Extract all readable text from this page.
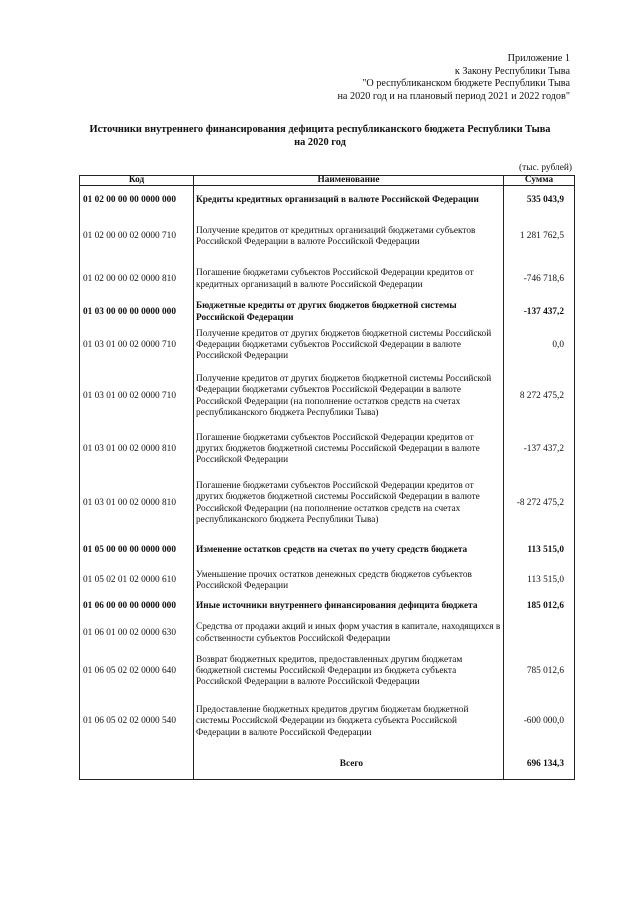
Приложение 1
к Закону Республики Тыва
"О республиканском бюджете Республики Тыва
на 2020 год и на плановый период 2021 и 2022 годов"
Источники внутреннего финансирования дефицита республиканского бюджета Республики Тыва
на 2020 год
(тыс. рублей)
Код	Наименование	Сумма
01 02 00 00 00 0000 000	Кредиты кредитных организаций в валюте Российской Федерации	535 043,9
01 02 00 00 02 0000 710	Получение кредитов от кредитных организаций бюджетами субъектов Российской Федерации в валюте Российской Федерации	1 281 762,5
01 02 00 00 02 0000 810	Погашение бюджетами субъектов Российской Федерации кредитов от кредитных организаций в валюте Российской Федерации	-746 718,6
01 03 00 00 00 0000 000	Бюджетные кредиты от других бюджетов бюджетной системы Российской Федерации	-137 437,2
01 03 01 00 02 0000 710	Получение кредитов от других бюджетов бюджетной системы Российской Федерации бюджетами субъектов Российской Федерации в валюте Российской Федерации	0,0
01 03 01 00 02 0000 710	Получение кредитов от других бюджетов бюджетной системы Российской Федерации бюджетами субъектов Российской Федерации в валюте Российской Федерации (на пополнение остатков средств на счетах республиканского бюджета Республики Тыва)	8 272 475,2
01 03 01 00 02 0000 810	Погашение бюджетами субъектов Российской Федерации кредитов от других бюджетов бюджетной системы Российской Федерации в валюте Российской Федерации	-137 437,2
01 03 01 00 02 0000 810	Погашение бюджетами субъектов Российской Федерации кредитов от других бюджетов бюджетной системы Российской Федерации в валюте Российской Федерации (на пополнение остатков средств на счетах республиканского бюджета Республики Тыва)	-8 272 475,2
01 05 00 00 00 0000 000	Изменение остатков средств на счетах по учету средств бюджета	113 515,0
01 05 02 01 02 0000 610	Уменьшение прочих остатков денежных средств бюджетов субъектов Российской Федерации	113 515,0
01 06 00 00 00 0000 000	Иные источники внутреннего финансирования дефицита бюджета	185 012,6
01 06 01 00 02 0000 630	Средства от продажи акций и иных форм участия в капитале, находящихся в собственности субъектов Российской Федерации	
01 06 05 02 02 0000 640	Возврат бюджетных кредитов, предоставленных другим бюджетам бюджетной системы Российской Федерации из бюджета субъекта Российской Федерации в валюте Российской Федерации	785 012,6
01 06 05 02 02 0000 540	Предоставление бюджетных кредитов другим бюджетам бюджетной системы Российской Федерации из бюджета субъекта Российской Федерации в валюте Российской Федерации	-600 000,0
	Всего	696 134,3
